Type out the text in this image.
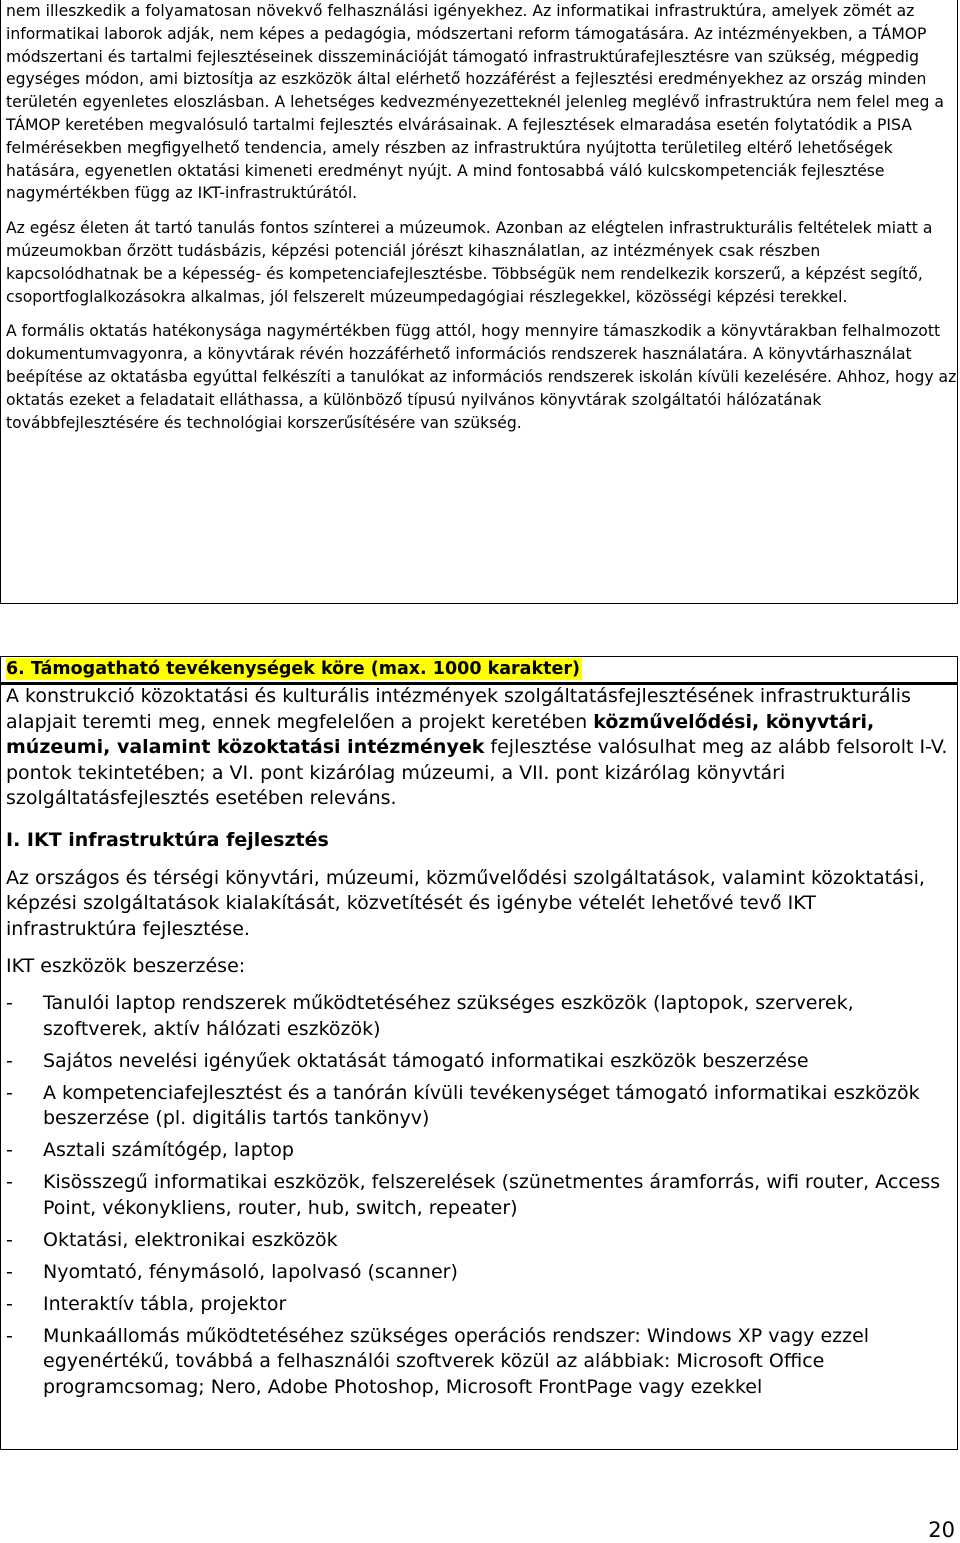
nem illeszkedik a folyamatosan növekvő felhasználási igényekhez. Az informatikai infrastruktúra, amelyek zömét az informatikai laborok adják, nem képes a pedagógia, módszertani reform támogatására. Az intézményekben, a TÁMOP módszertani és tartalmi fejlesztéseinek disszeminációját támogató infrastruktúrafejlesztésre van szükség, mégpedig egységes módon, ami biztosítja az eszközök által elérhető hozzáférést a fejlesztési eredményekhez az ország minden területén egyenletes eloszlásban. A lehetséges kedvezményezetteknél jelenleg meglévő infrastruktúra nem felel meg a TÁMOP keretében megvalósuló tartalmi fejlesztés elvárásainak. A fejlesztések elmaradása esetén folytatódik a PISA felmérésekben megfigyelhető tendencia, amely részben az infrastruktúra nyújtotta területileg eltérő lehetőségek hatására, egyenetlen oktatási kimeneti eredményt nyújt. A mind fontosabbá váló kulcskompetenciák fejlesztése nagymértékben függ az IKT-infrastruktúrától.

Az egész életen át tartó tanulás fontos színterei a múzeumok. Azonban az elégtelen infrastrukturális feltételek miatt a múzeumokban őrzött tudásbázis, képzési potenciál jórészt kihasználatlan, az intézmények csak részben kapcsolódhatnak be a képesség- és kompetenciafejlesztésbe. Többségük nem rendelkezik korszerű, a képzést segítő, csoportfoglalkozásokra alkalmas, jól felszerelt múzeumpedagógiai részlegekkel, közösségi képzési terekkel.

A formális oktatás hatékonysága nagymértékben függ attól, hogy mennyire támaszkodik a könyvtárakban felhalmozott dokumentumvagyonra, a könyvtárak révén hozzáférhető információs rendszerek használatára. A könyvtárhasználat beépítése az oktatásba egyúttal felkészíti a tanulókat az információs rendszerek iskolán kívüli kezelésére. Ahhoz, hogy az oktatás ezeket a feladatait elláthassa, a különböző típusú nyilvános könyvtárak szolgáltatói hálózatának továbbfejlesztésére és technológiai korszerűsítésére van szükség.

6. Támogatható tevékenységek köre (max. 1000 karakter)

A konstrukció közoktatási és kulturális intézmények szolgáltatásfejlesztésének infrastrukturális alapjait teremti meg, ennek megfelelően a projekt keretében közművelődési, könyvtári, múzeumi, valamint közoktatási intézmények fejlesztése valósulhat meg az alább felsorolt I-V. pontok tekintetében; a VI. pont kizárólag múzeumi, a VII. pont kizárólag könyvtári szolgáltatásfejlesztés esetében releváns.

I. IKT infrastruktúra fejlesztés

Az országos és térségi könyvtári, múzeumi, közművelődési szolgáltatások, valamint közoktatási, képzési szolgáltatások kialakítását, közvetítését és igénybe vételét lehetővé tevő IKT infrastruktúra fejlesztése.

IKT eszközök beszerzése:

- Tanulói laptop rendszerek működtetéséhez szükséges eszközök (laptopok, szerverek, szoftverek, aktív hálózati eszközök)
- Sajátos nevelési igényűek oktatását támogató informatikai eszközök beszerzése
- A kompetenciafejlesztést és a tanórán kívüli tevékenységet támogató informatikai eszközök beszerzése (pl. digitális tartós tankönyv)
- Asztali számítógép, laptop
- Kisösszegű informatikai eszközök, felszerelések (szünetmentes áramforrás, wifi router, Access Point, vékonykliens, router, hub, switch, repeater)
- Oktatási, elektronikai eszközök
- Nyomtató, fénymásoló, lapolvasó (scanner)
- Interaktív tábla, projektor
- Munkaállomás működtetéséhez szükséges operációs rendszer: Windows XP vagy ezzel egyenértékű, továbbá a felhasználói szoftverek közül az alábbiak: Microsoft Office programcsomag; Nero, Adobe Photoshop, Microsoft FrontPage vagy ezekkel
20
